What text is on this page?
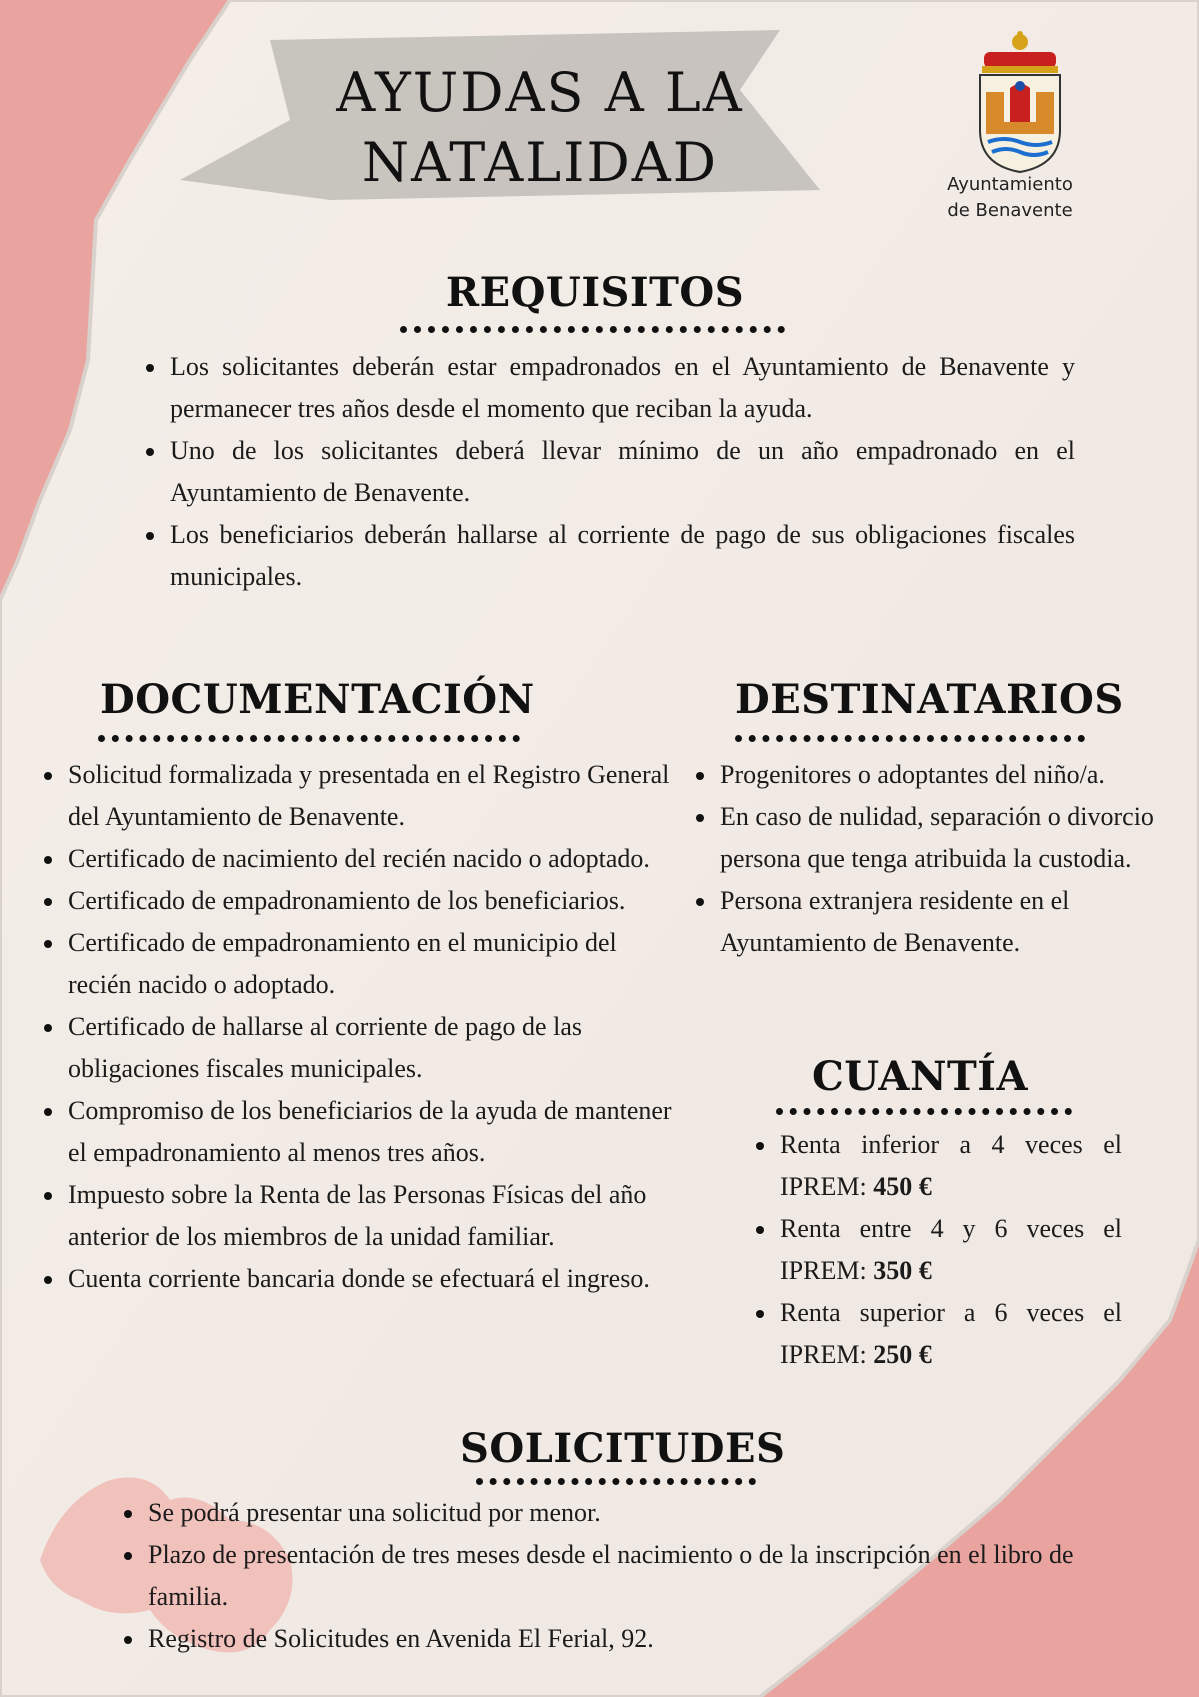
AYUDAS A LA
NATALIDAD	Ayuntamiento
de Benavente
REQUISITOS
Los solicitantes deberán estar empadronados en el Ayuntamiento de Benavente y permanecer tres años desde el momento que reciban la ayuda.
Uno de los solicitantes deberá llevar mínimo de un año empadronado en el Ayuntamiento de Benavente.
Los beneficiarios deberán hallarse al corriente de pago de sus obligaciones fiscales municipales.
DOCUMENTACIÓN
Solicitud formalizada y presentada en el Registro General del Ayuntamiento de Benavente.
Certificado de nacimiento del recién nacido o adoptado.
Certificado de empadronamiento de los beneficiarios.
Certificado de empadronamiento en el municipio del recién nacido o adoptado.
Certificado de hallarse al corriente de pago de las obligaciones fiscales municipales.
Compromiso de los beneficiarios de la ayuda de mantener el empadronamiento al menos tres años.
Impuesto sobre la Renta de las Personas Físicas del año anterior de los miembros de la unidad familiar.
Cuenta corriente bancaria donde se efectuará el ingreso.
DESTINATARIOS
Progenitores o adoptantes del niño/a.
En caso de nulidad, separación o divorcio persona que tenga atribuida la custodia.
Persona extranjera residente en el Ayuntamiento de Benavente.
CUANTÍA
Renta inferior a 4 veces el IPREM: 450 €
Renta entre 4 y 6 veces el IPREM: 350 €
Renta superior a 6 veces el IPREM: 250 €
SOLICITUDES
Se podrá presentar una solicitud por menor.
Plazo de presentación de tres meses desde el nacimiento o de la inscripción en el libro de familia.
Registro de Solicitudes en Avenida El Ferial, 92.
